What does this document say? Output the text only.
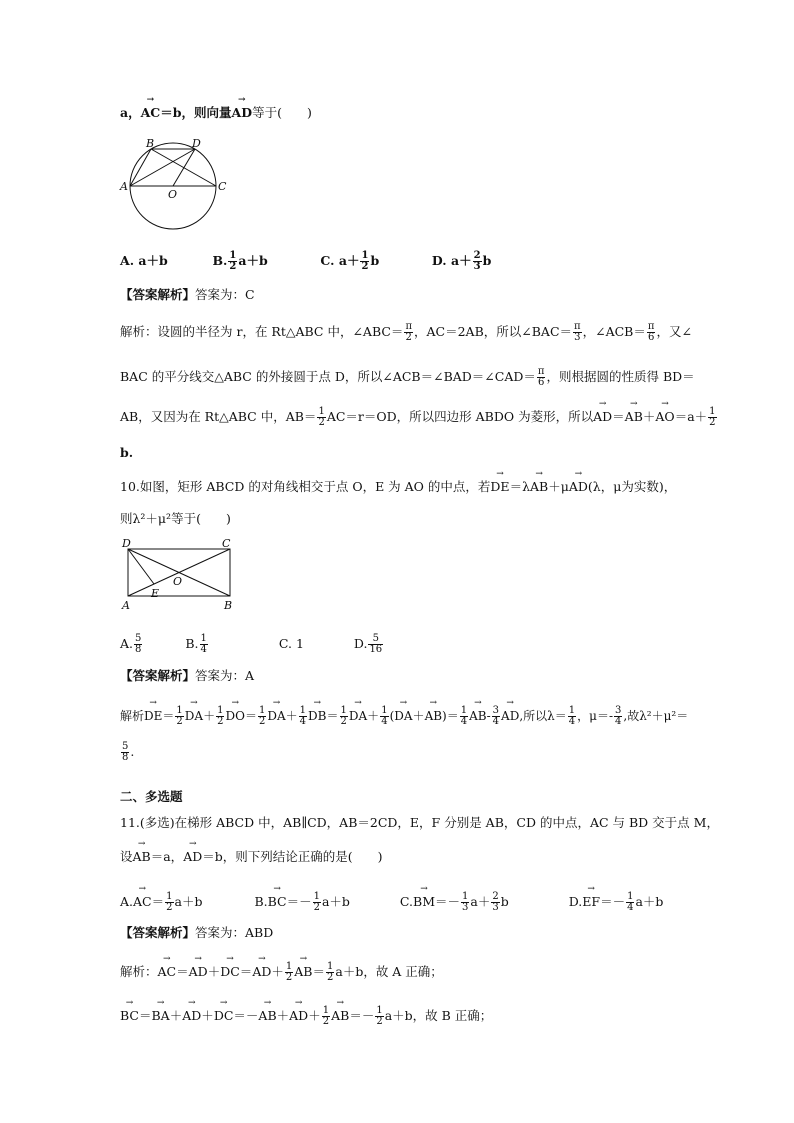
a，→ AC＝b，则向量→ AD等于(　　)
A
B
C
D
O
A. a＋b	B. $\frac{1}{2} a+b$	C. $a+ \frac{1}{2}$ b	D. $a+ \frac{2}{3}$ b
【答案解析】答案为：C
解析：设圆的半径为 r，在 Rt△ABC 中，∠ABC＝ $\frac{\pi}{2}$ ，AC＝2AB，所以∠BAC＝ $\frac{\pi}{3}$ ，∠ACB＝ $\frac{\pi}{6}$ ，又∠
BAC 的平分线交△ABC 的外接圆于点 D，所以∠ACB＝∠BAD＝∠CAD＝ $\frac{\pi}{6}$ ，则根据圆的性质得 BD＝
AB，又因为在 Rt△ABC 中，$AB= \frac{1}{2} AC=r=OD$，所以四边形 ABDO 为菱形，所以→ $AD=\to AB+\to AO=a+ \frac{1}{2}$
b.
10.如图，矩形 ABCD 的对角线相交于点 O，E 为 AO 的中点，若→ DE＝λ→ AB＋μ→ AD(λ，μ为实数)，
则λ²＋μ²等于(　　)
D	C
A	B
E
O
A. $\frac{5}{8}$	B. $\frac{1}{4}$	C. 1	D. $\frac{5}{16}$
【答案解析】答案为：A
解析→ $DE= \frac{1}{2}$
→ $DA+ \frac{1}{2}$
→ $DO= \frac{1}{2}$
→ $DA+ \frac{1}{4}$
→ $DB= \frac{1}{2}$
→ $DA+ \frac{1}{4}$ (→ $DA+\to AB)= \frac{1}{4}$
→ $AB- \frac{3}{4}$
→ AD,所以$\lambda= \frac{1}{4}$ ，$\mu=- \frac{3}{4}$ ,故λ²＋μ²＝
$\frac{5}{8}$ .
二、多选题
11.(多选)在梯形 ABCD 中，AB∥CD，AB＝2CD，E，F 分别是 AB，CD 的中点，AC 与 BD 交于点 M，
设→ AB＝a，→ AD＝b，则下列结论正确的是(　　)
$A.\to AC= \frac{1}{2} a+b$	$B.\to BC=- \frac{1}{2} a+b$	$C.\to BM=- \frac{1}{3} a+ \frac{2}{3}$ b	$D.\to EF=- \frac{1}{4} a+b$
【答案解析】答案为：ABD
解析：→ $AC=\to AD+\to DC=\to AD+ \frac{1}{2}$
→ $AB= \frac{1}{2} a+b$，故 A 正确；
→ $BC=\to BA+\to AD+\to DC=-\to AB+\to AD+ \frac{1}{2}$
→ $AB=- \frac{1}{2} a+b$，故 B 正确；
